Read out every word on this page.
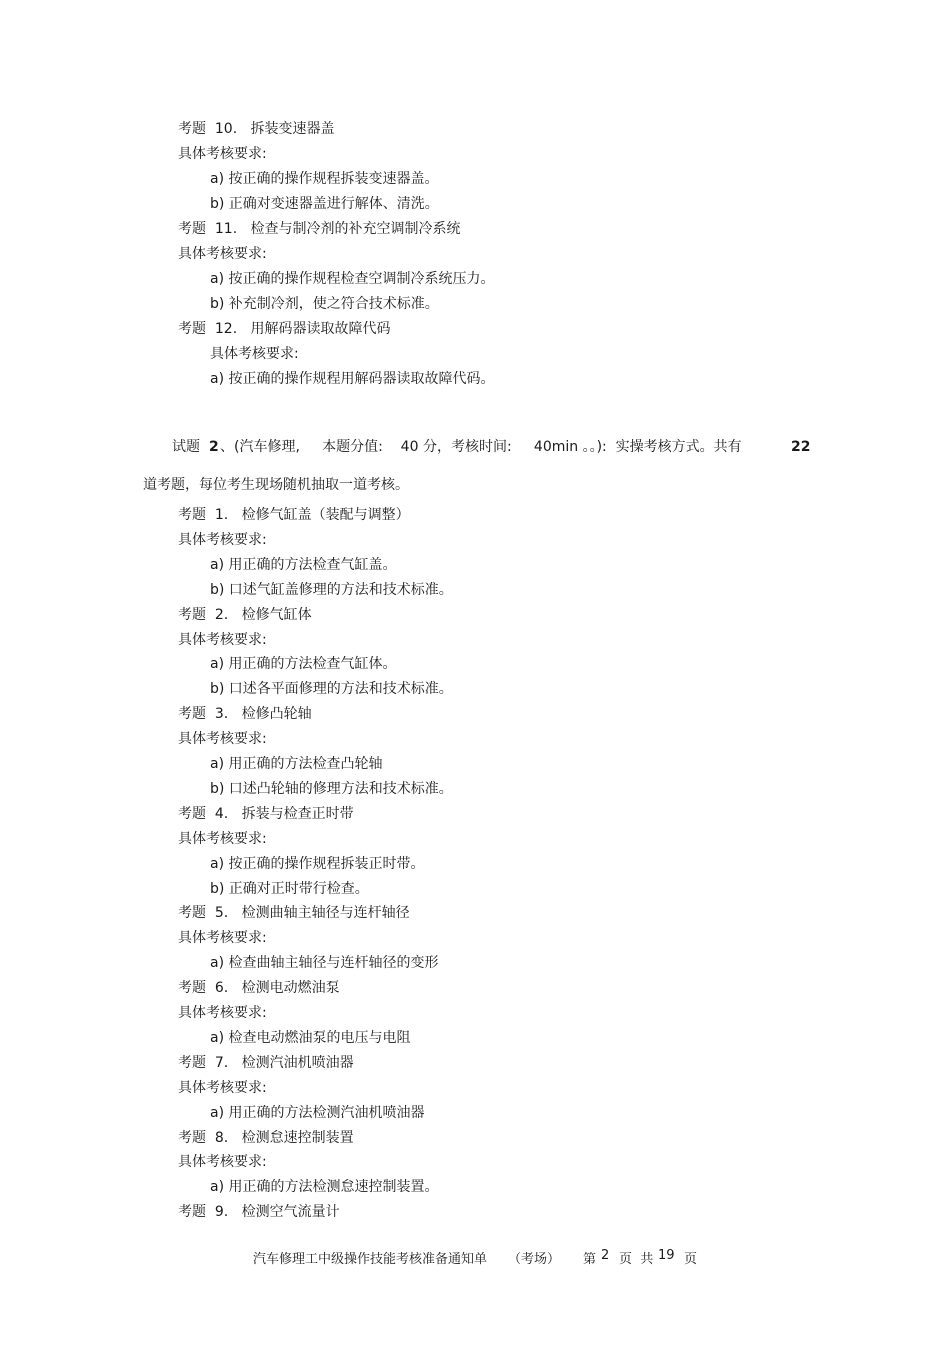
考题  10.   拆装变速器盖
具体考核要求:
a) 按正确的操作规程拆装变速器盖。
b) 正确对变速器盖进行解体、清洗。
考题  11.   检查与制冷剂的补充空调制冷系统
具体考核要求:
a) 按正确的操作规程检查空调制冷系统压力。
b) 补充制冷剂，使之符合技术标准。
考题  12.   用解码器读取故障代码
具体考核要求:
a) 按正确的操作规程用解码器读取故障代码。
试题 2 、(汽车修理,     本题分值:    40 分，考核时间:     40min 。。):  实操考核方式。共有	22
道考题，每位考生现场随机抽取一道考核。
考题  1.   检修气缸盖（装配与调整）
具体考核要求:
a) 用正确的方法检查气缸盖。
b) 口述气缸盖修理的方法和技术标准。
考题  2.   检修气缸体
具体考核要求:
a) 用正确的方法检查气缸体。
b) 口述各平面修理的方法和技术标准。
考题  3.   检修凸轮轴
具体考核要求:
a) 用正确的方法检查凸轮轴
b) 口述凸轮轴的修理方法和技术标准。
考题  4.   拆装与检查正时带
具体考核要求:
a) 按正确的操作规程拆装正时带。
b) 正确对正时带行检查。
考题  5.   检测曲轴主轴径与连杆轴径
具体考核要求:
a) 检查曲轴主轴径与连杆轴径的变形
考题  6.   检测电动燃油泵
具体考核要求:
a) 检查电动燃油泵的电压与电阻
考题  7.   检测汽油机喷油器
具体考核要求:
a) 用正确的方法检测汽油机喷油器
考题  8.   检测怠速控制装置
具体考核要求:
a) 用正确的方法检测怠速控制装置。
考题  9.   检测空气流量计
汽车修理工中级操作技能考核准备通知单 （考场） 第 2 页  共 19 页
